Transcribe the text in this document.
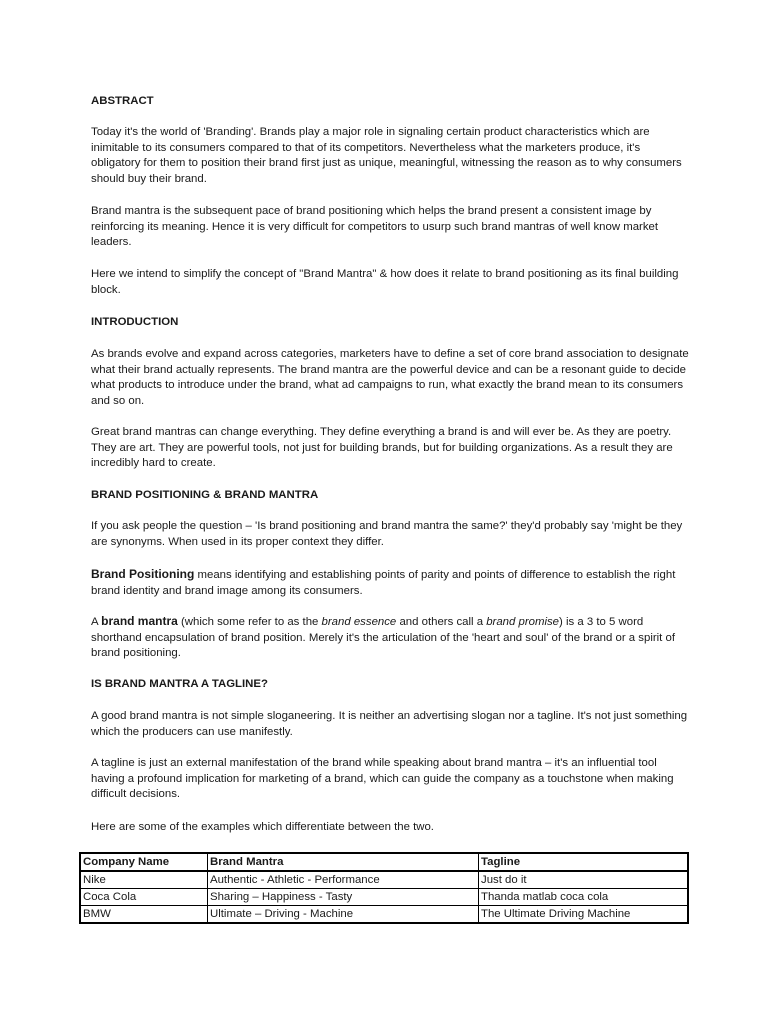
ABSTRACT

Today it's the world of 'Branding'. Brands play a major role in signaling certain product characteristics which are inimitable to its consumers compared to that of its competitors. Nevertheless what the marketers produce, it's obligatory for them to position their brand first just as unique, meaningful, witnessing the reason as to why consumers should buy their brand.

Brand mantra is the subsequent pace of brand positioning which helps the brand present a consistent image by reinforcing its meaning. Hence it is very difficult for competitors to usurp such brand mantras of well know market leaders.

Here we intend to simplify the concept of "Brand Mantra" & how does it relate to brand positioning as its final building block.

INTRODUCTION

As brands evolve and expand across categories, marketers have to define a set of core brand association to designate what their brand actually represents. The brand mantra are the powerful device and can be a resonant guide to decide what products to introduce under the brand, what ad campaigns to run, what exactly the brand mean to its consumers and so on.

Great brand mantras can change everything. They define everything a brand is and will ever be. As they are poetry. They are art. They are powerful tools, not just for building brands, but for building organizations. As a result they are incredibly hard to create.

BRAND POSITIONING & BRAND MANTRA

If you ask people the question – 'Is brand positioning and brand mantra the same?' they'd probably say 'might be they are synonyms. When used in its proper context they differ.

Brand Positioning means identifying and establishing points of parity and points of difference to establish the right brand identity and brand image among its consumers.

A brand mantra (which some refer to as the brand essence and others call a brand promise) is a 3 to 5 word shorthand encapsulation of brand position. Merely it's the articulation of the 'heart and soul' of the brand or a spirit of brand positioning.

IS BRAND MANTRA A TAGLINE?

A good brand mantra is not simple sloganeering. It is neither an advertising slogan nor a tagline. It's not just something which the producers can use manifestly.

A tagline is just an external manifestation of the brand while speaking about brand mantra – it's an influential tool having a profound implication for marketing of a brand, which can guide the company as a touchstone when making difficult decisions.

Here are some of the examples which differentiate between the two.

Company Name	Brand Mantra	Tagline
Nike	Authentic - Athletic - Performance	Just do it
Coca Cola	Sharing – Happiness - Tasty	Thanda matlab coca cola
BMW	Ultimate – Driving - Machine	The Ultimate Driving Machine
